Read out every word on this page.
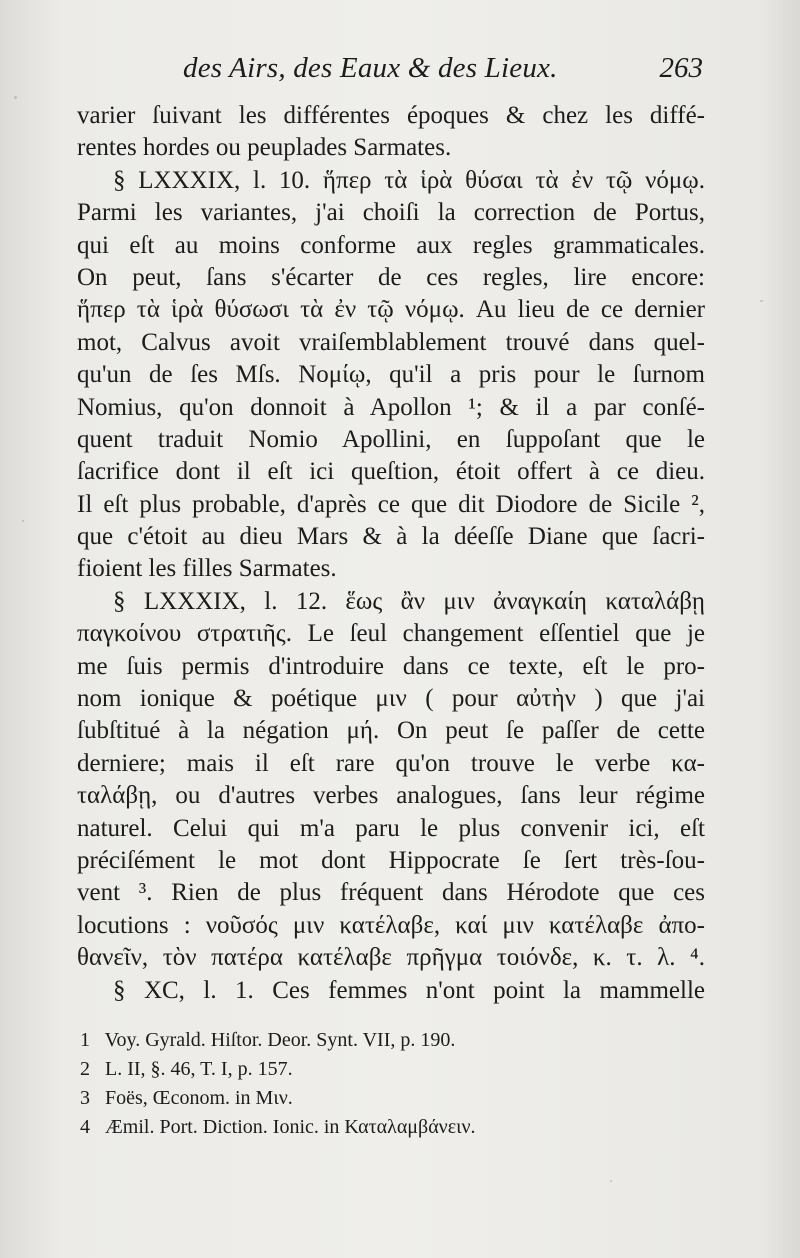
des Airs, des Eaux & des Lieux.	263
varier ſuivant les différentes époques & chez les diffé-
rentes hordes ou peuplades Sarmates.
§ LXXXIX, l. 10. ἥπερ τὰ ἱρὰ θύσαι τὰ ἐν τῷ νόμῳ.
Parmi les variantes, j'ai choiſi la correction de Portus,
qui eſt au moins conforme aux regles grammaticales.
On peut, ſans s'écarter de ces regles, lire encore:
ἥπερ τὰ ἱρὰ θύσωσι τὰ ἐν τῷ νόμῳ. Au lieu de ce dernier
mot, Calvus avoit vraiſemblablement trouvé dans quel-
qu'un de ſes Mſs. Νομίῳ, qu'il a pris pour le ſurnom
Nomius, qu'on donnoit à Apollon ¹; & il a par conſé-
quent traduit Nomio Apollini, en ſuppoſant que le
ſacrifice dont il eſt ici queſtion, étoit offert à ce dieu.
Il eſt plus probable, d'après ce que dit Diodore de Sicile ²,
que c'étoit au dieu Mars & à la déeſſe Diane que ſacri-
fioient les filles Sarmates.
§ LXXXIX, l. 12. ἕως ἂν μιν ἀναγκαίη καταλάβῃ
παγκοίνου στρατιῆς. Le ſeul changement eſſentiel que je
me ſuis permis d'introduire dans ce texte, eſt le pro-
nom ionique & poétique μιν ( pour αὐτὴν ) que j'ai
ſubſtitué à la négation μή. On peut ſe paſſer de cette
derniere; mais il eſt rare qu'on trouve le verbe κα-
ταλάβῃ, ou d'autres verbes analogues, ſans leur régime
naturel. Celui qui m'a paru le plus convenir ici, eſt
préciſément le mot dont Hippocrate ſe ſert très-ſou-
vent ³. Rien de plus fréquent dans Hérodote que ces
locutions : νοῦσός μιν κατέλαβε, καί μιν κατέλαβε ἀπο-
θανεῖν, τὸν πατέρα κατέλαβε πρῆγμα τοιόνδε, κ. τ. λ. ⁴.
§ XC, l. 1. Ces femmes n'ont point la mammelle
1 Voy. Gyrald. Hiſtor. Deor. Synt. VII, p. 190.
2 L. II, §. 46, T. I, p. 157.
3 Foës, Œconom. in Μιν.
4 Æmil. Port. Diction. Ionic. in Καταλαμβάνειν.
